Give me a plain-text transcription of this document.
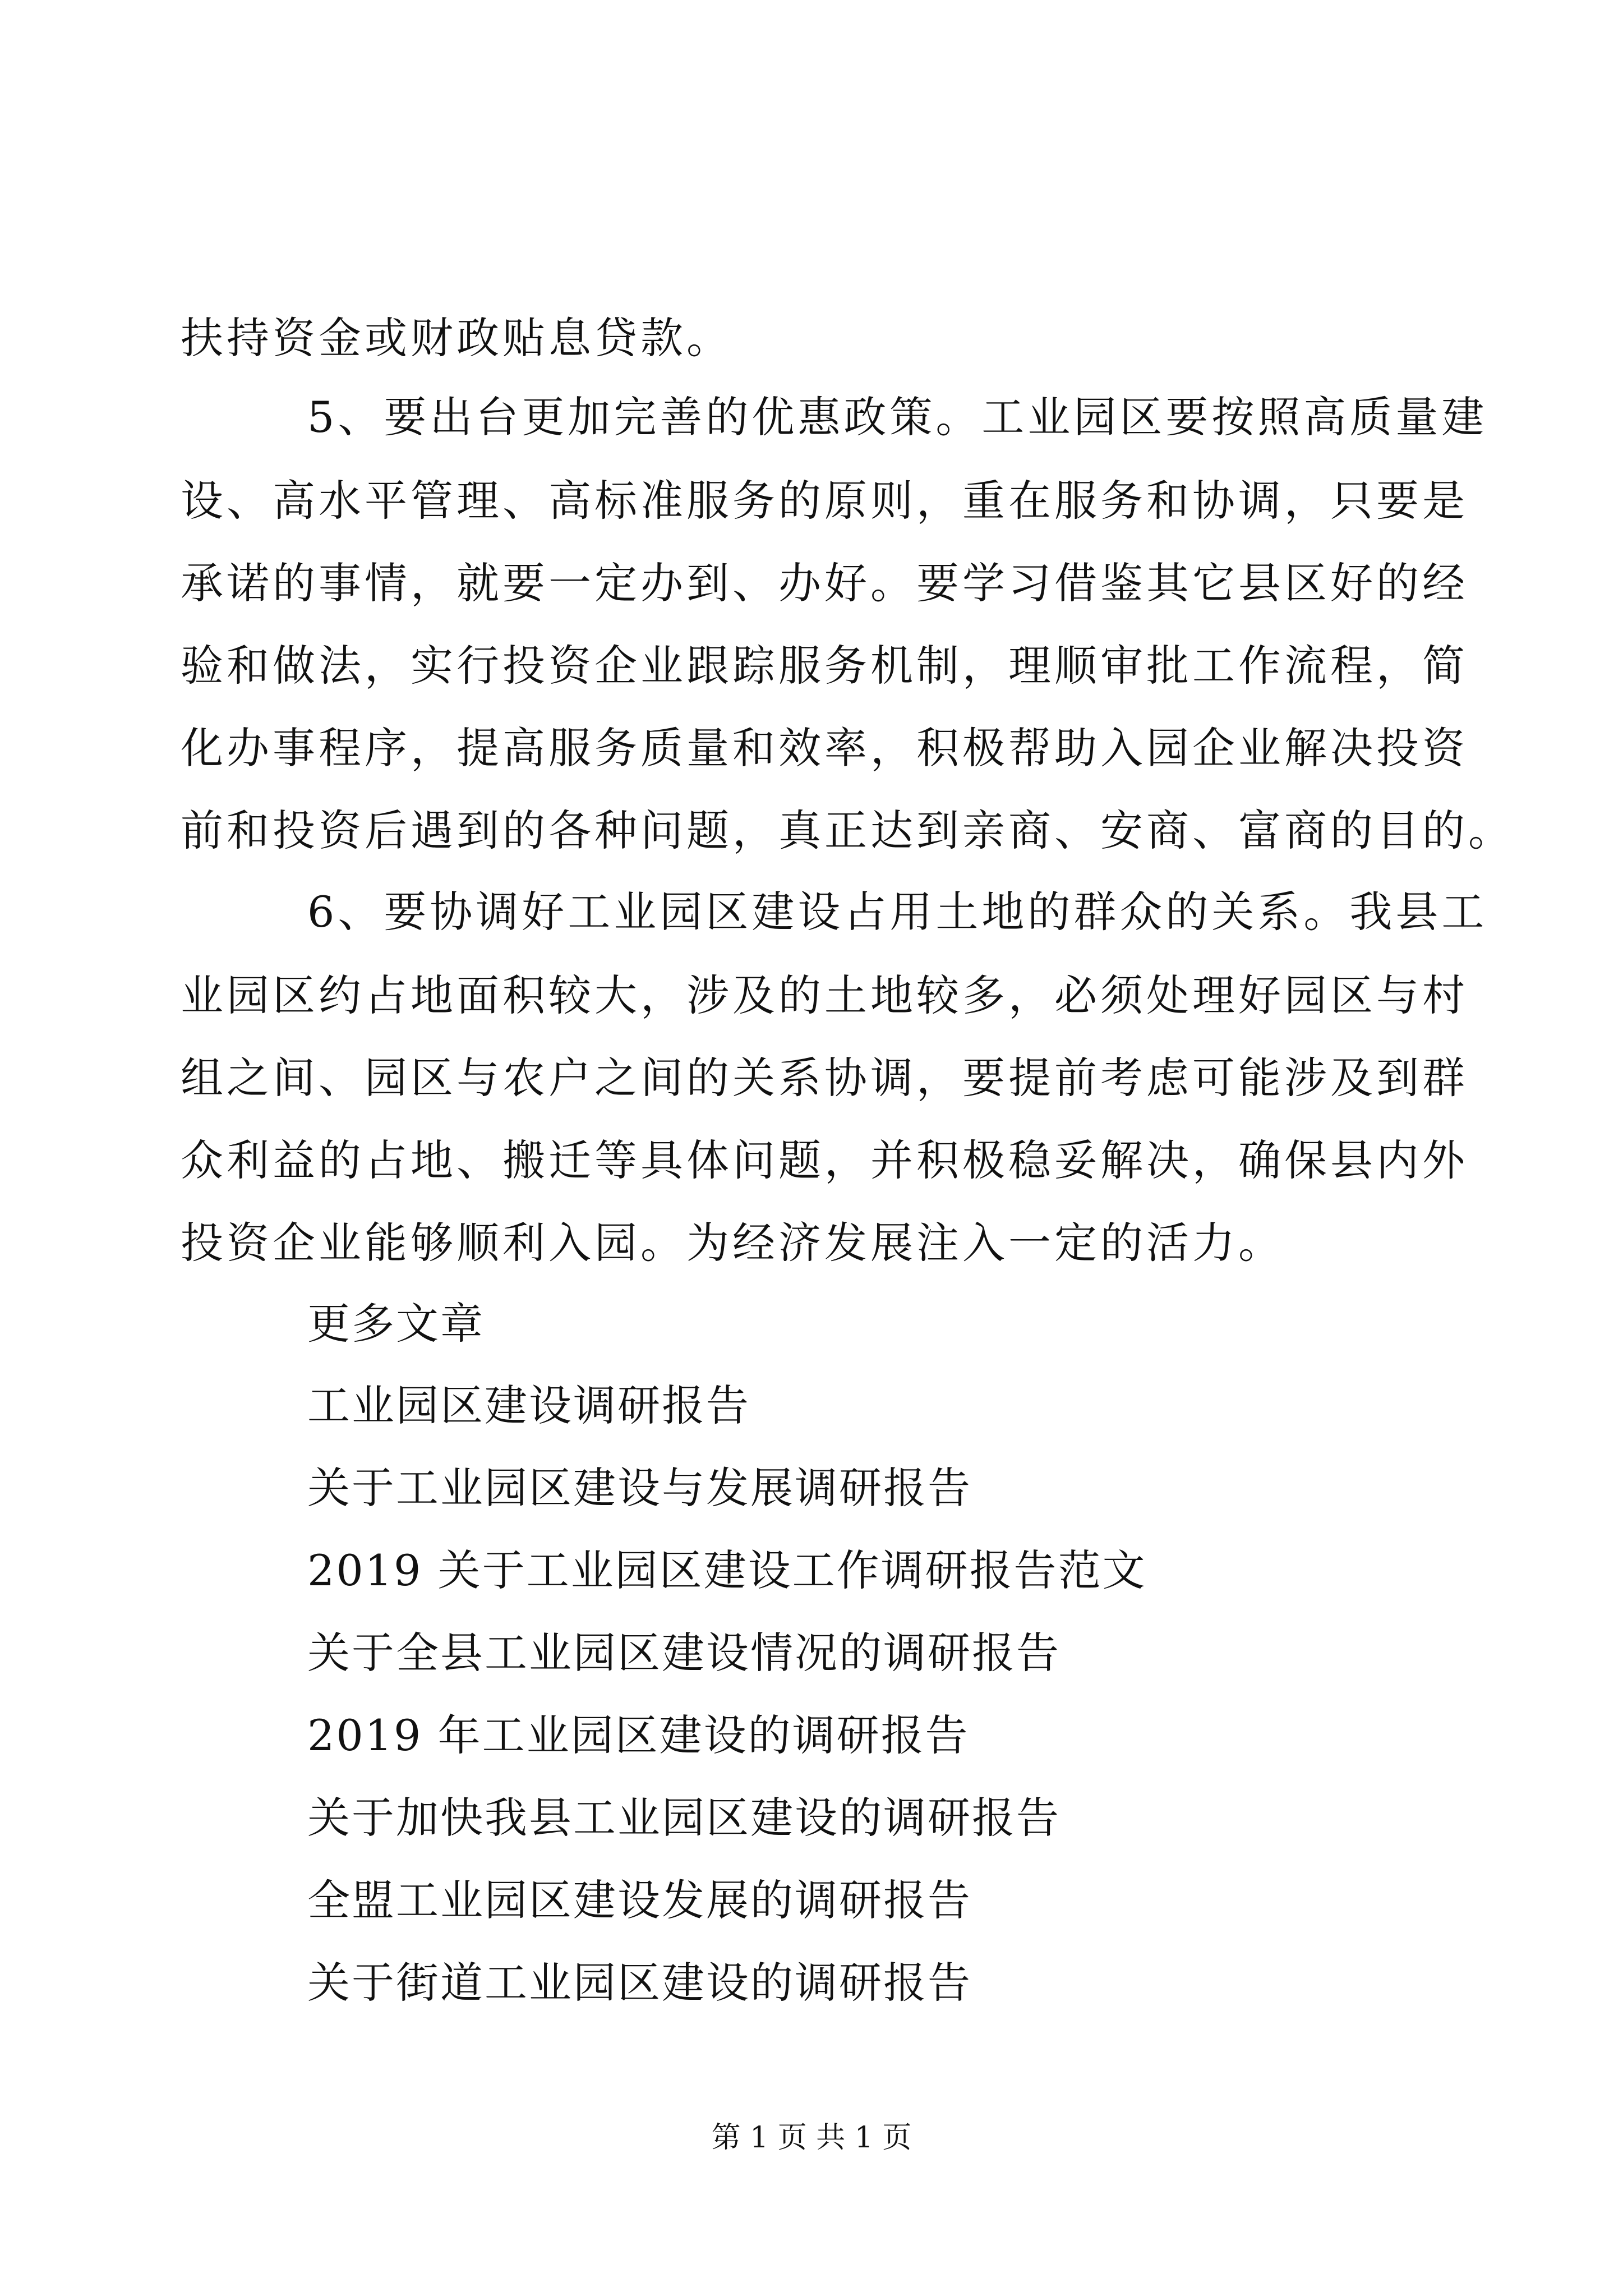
扶持资金或财政贴息贷款。
5、要出台更加完善的优惠政策。工业园区要按照高质量建
设、高水平管理、高标准服务的原则，重在服务和协调，只要是
承诺的事情，就要一定办到、办好。要学习借鉴其它县区好的经
验和做法，实行投资企业跟踪服务机制，理顺审批工作流程，简
化办事程序，提高服务质量和效率，积极帮助入园企业解决投资
前和投资后遇到的各种问题，真正达到亲商、安商、富商的目的。
6、要协调好工业园区建设占用土地的群众的关系。我县工
业园区约占地面积较大，涉及的土地较多，必须处理好园区与村
组之间、园区与农户之间的关系协调，要提前考虑可能涉及到群
众利益的占地、搬迁等具体问题，并积极稳妥解决，确保县内外
投资企业能够顺利入园。为经济发展注入一定的活力。
更多文章
工业园区建设调研报告
关于工业园区建设与发展调研报告
2019 关于工业园区建设工作调研报告范文
关于全县工业园区建设情况的调研报告
2019 年工业园区建设的调研报告
关于加快我县工业园区建设的调研报告
全盟工业园区建设发展的调研报告
关于街道工业园区建设的调研报告
第 1 页 共 1 页
